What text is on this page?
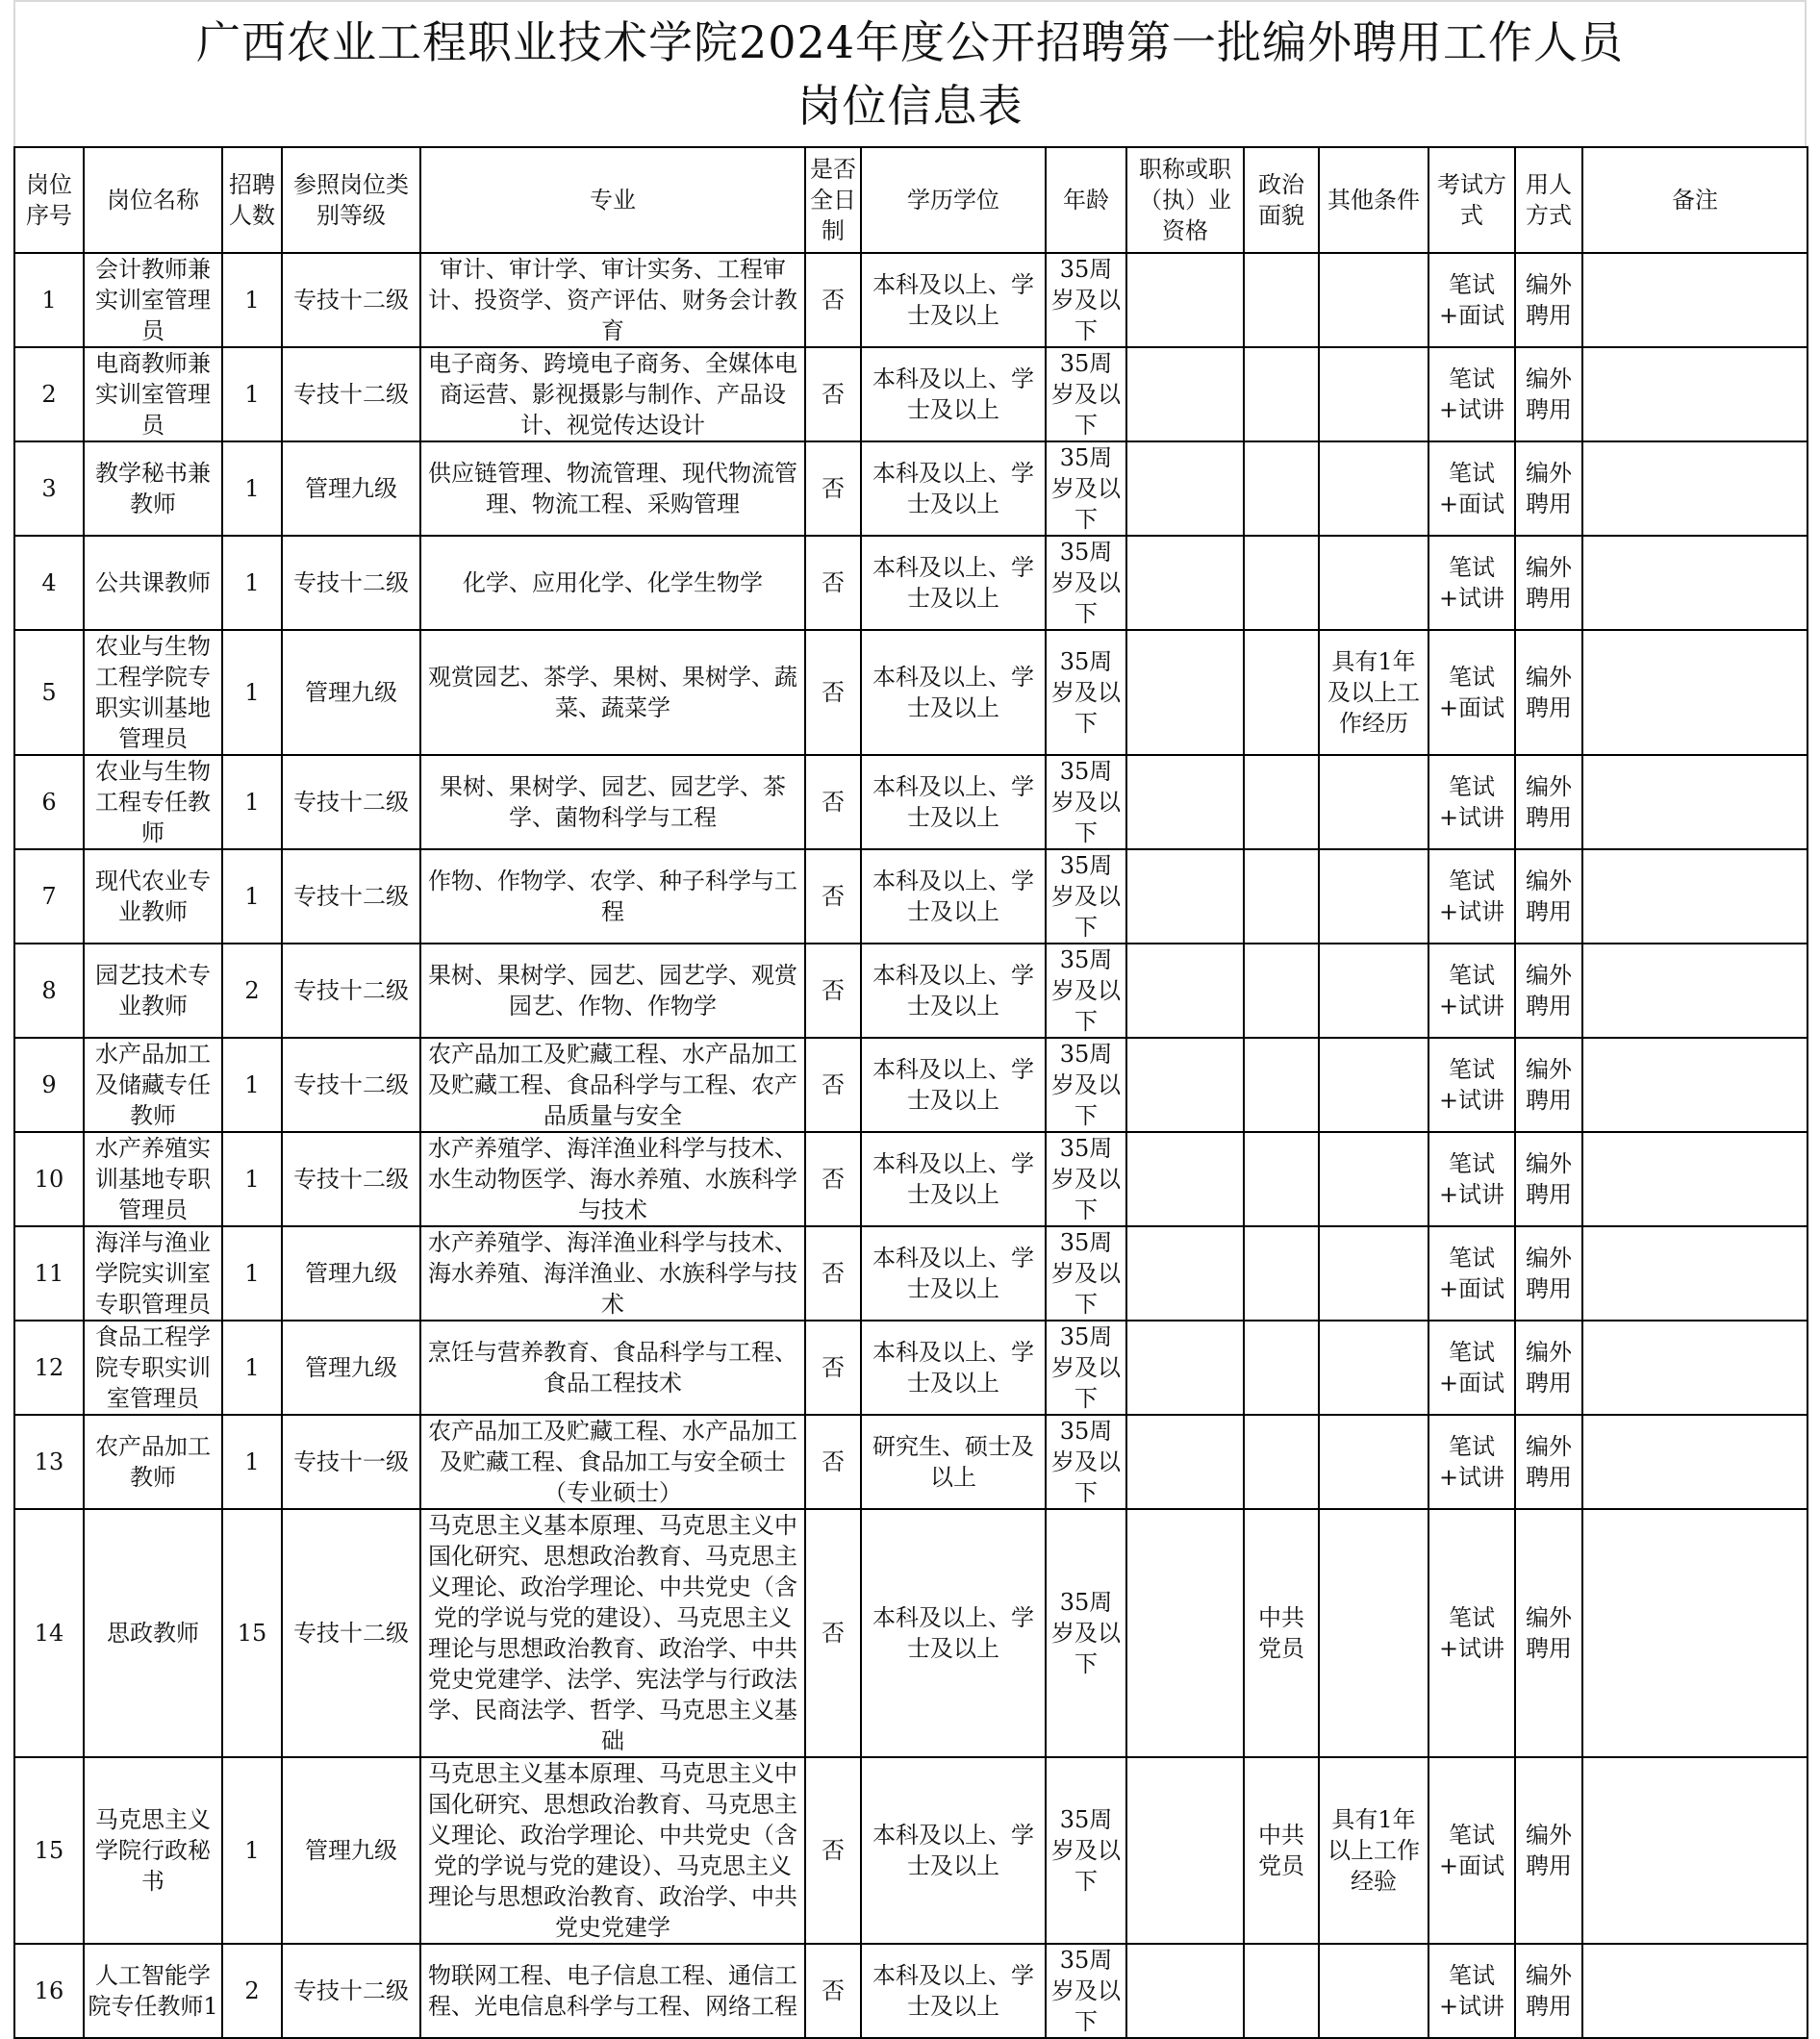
广西农业工程职业技术学院2024年度公开招聘第一批编外聘用工作人员
岗位信息表
岗位序号	岗位名称	招聘人数	参照岗位类别等级	专业	是否全日制	学历学位	年龄	职称或职（执）业资格	政治面貌	其他条件	考试方式	用人方式	备注
1	会计教师兼实训室管理员	1	专技十二级	审计、审计学、审计实务、工程审计、投资学、资产评估、财务会计教育	否	本科及以上、学士及以上	35周岁及以下				笔试+面试	编外聘用	
2	电商教师兼实训室管理员	1	专技十二级	电子商务、跨境电子商务、全媒体电商运营、影视摄影与制作、产品设计、视觉传达设计	否	本科及以上、学士及以上	35周岁及以下				笔试+试讲	编外聘用	
3	教学秘书兼教师	1	管理九级	供应链管理、物流管理、现代物流管理、物流工程、采购管理	否	本科及以上、学士及以上	35周岁及以下				笔试+面试	编外聘用	
4	公共课教师	1	专技十二级	化学、应用化学、化学生物学	否	本科及以上、学士及以上	35周岁及以下				笔试+试讲	编外聘用	
5	农业与生物工程学院专职实训基地管理员	1	管理九级	观赏园艺、茶学、果树、果树学、蔬菜、蔬菜学	否	本科及以上、学士及以上	35周岁及以下			具有1年及以上工作经历	笔试+面试	编外聘用	
6	农业与生物工程专任教师	1	专技十二级	果树、果树学、园艺、园艺学、茶学、菌物科学与工程	否	本科及以上、学士及以上	35周岁及以下				笔试+试讲	编外聘用	
7	现代农业专业教师	1	专技十二级	作物、作物学、农学、种子科学与工程	否	本科及以上、学士及以上	35周岁及以下				笔试+试讲	编外聘用	
8	园艺技术专业教师	2	专技十二级	果树、果树学、园艺、园艺学、观赏园艺、作物、作物学	否	本科及以上、学士及以上	35周岁及以下				笔试+试讲	编外聘用	
9	水产品加工及储藏专任教师	1	专技十二级	农产品加工及贮藏工程、水产品加工及贮藏工程、食品科学与工程、农产品质量与安全	否	本科及以上、学士及以上	35周岁及以下				笔试+试讲	编外聘用	
10	水产养殖实训基地专职管理员	1	专技十二级	水产养殖学、海洋渔业科学与技术、水生动物医学、海水养殖、水族科学与技术	否	本科及以上、学士及以上	35周岁及以下				笔试+试讲	编外聘用	
11	海洋与渔业学院实训室专职管理员	1	管理九级	水产养殖学、海洋渔业科学与技术、海水养殖、海洋渔业、水族科学与技术	否	本科及以上、学士及以上	35周岁及以下				笔试+面试	编外聘用	
12	食品工程学院专职实训室管理员	1	管理九级	烹饪与营养教育、食品科学与工程、食品工程技术	否	本科及以上、学士及以上	35周岁及以下				笔试+面试	编外聘用	
13	农产品加工教师	1	专技十一级	农产品加工及贮藏工程、水产品加工及贮藏工程、食品加工与安全硕士（专业硕士）	否	研究生、硕士及以上	35周岁及以下				笔试+试讲	编外聘用	
14	思政教师	15	专技十二级	马克思主义基本原理、马克思主义中国化研究、思想政治教育、马克思主义理论、政治学理论、中共党史（含党的学说与党的建设）、马克思主义理论与思想政治教育、政治学、中共党史党建学、法学、宪法学与行政法学、民商法学、哲学、马克思主义基础	否	本科及以上、学士及以上	35周岁及以下		中共党员		笔试+试讲	编外聘用	
15	马克思主义学院行政秘书	1	管理九级	马克思主义基本原理、马克思主义中国化研究、思想政治教育、马克思主义理论、政治学理论、中共党史（含党的学说与党的建设）、马克思主义理论与思想政治教育、政治学、中共党史党建学	否	本科及以上、学士及以上	35周岁及以下		中共党员	具有1年以上工作经验	笔试+面试	编外聘用	
16	人工智能学院专任教师1	2	专技十二级	物联网工程、电子信息工程、通信工程、光电信息科学与工程、网络工程	否	本科及以上、学士及以上	35周岁及以下				笔试+试讲	编外聘用	
